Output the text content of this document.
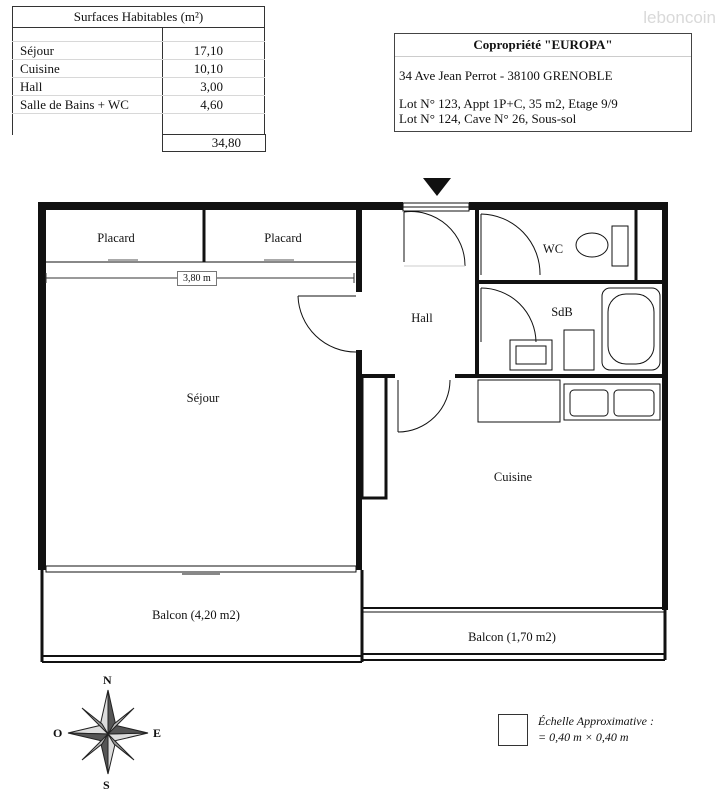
leboncoin
Surfaces Habitables (m²)
Séjour	17,10
Cuisine	10,10
Hall	3,00
Salle de Bains + WC	4,60
34,80
Copropriété "EUROPA"
34 Ave Jean Perrot - 38100 GRENOBLE
Lot N° 123, Appt 1P+C, 35 m2, Etage 9/9
Lot N° 124, Cave N° 26, Sous-sol
Placard	Placard
3,80 m
Hall
WC
SdB
Séjour
Cuisine
Balcon (4,20 m2)
Balcon (1,70 m2)
N
S
E
O
Échelle Approximative :
= 0,40 m × 0,40 m
